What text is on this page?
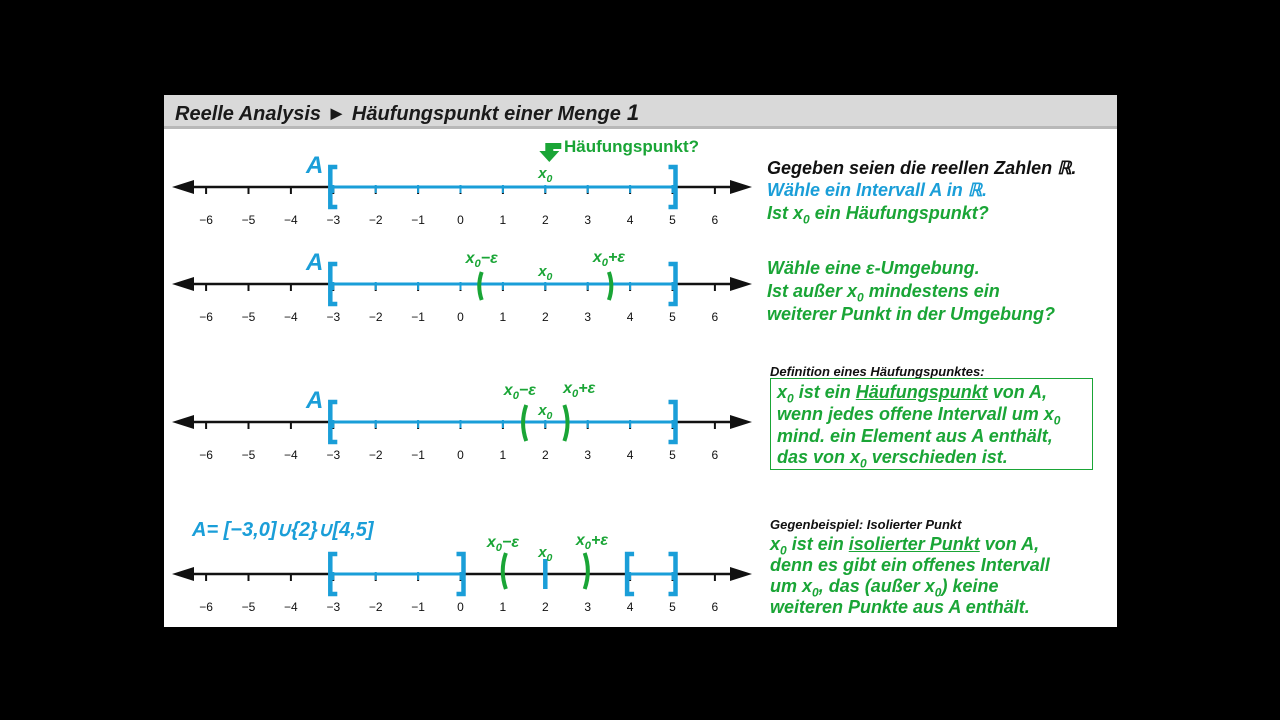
Reelle Analysis ► Häufungspunkt einer Menge 1
−6 −5 −4 −3 −2 −1	0	1	2	3	4	5	6
$x_0$
−6 −5 −4 −3 −2 −1	0	1	2	3	4	5	6
$x_0$
$x_0-\varepsilon$	$x_0+\varepsilon$
−6 −5 −4 −3 −2 −1	0	1	2	3	4	5	6
$x_0$
$x_0-\varepsilon$ $x_0+\varepsilon$
−6 −5 −4 −3 −2 −1	0	1	2	3	4	5	6
$x_0$
$x_0-\varepsilon$	$x_0+\varepsilon$
A
Häufungspunkt?
A
A
A= [−3,0]∪{2}∪[4,5]
Gegeben seien die reellen Zahlen ℝ.
Wähle ein Intervall A in ℝ.
Ist $x_0$ ein Häufungspunkt?
Wähle eine ε-Umgebung.
Ist außer $x_0$ mindestens ein
weiterer Punkt in der Umgebung?
Definition eines Häufungspunktes:
$x_0$ ist ein Häufungspunkt von A,
wenn jedes offene Intervall um $x_0$
mind. ein Element aus A enthält,
das von $x_0$ verschieden ist.
Gegenbeispiel: Isolierter Punkt
$x_0$ ist ein isolierter Punkt von A,
denn es gibt ein offenes Intervall
um $x_0$, das (außer $x_0$) keine
weiteren Punkte aus A enthält.
